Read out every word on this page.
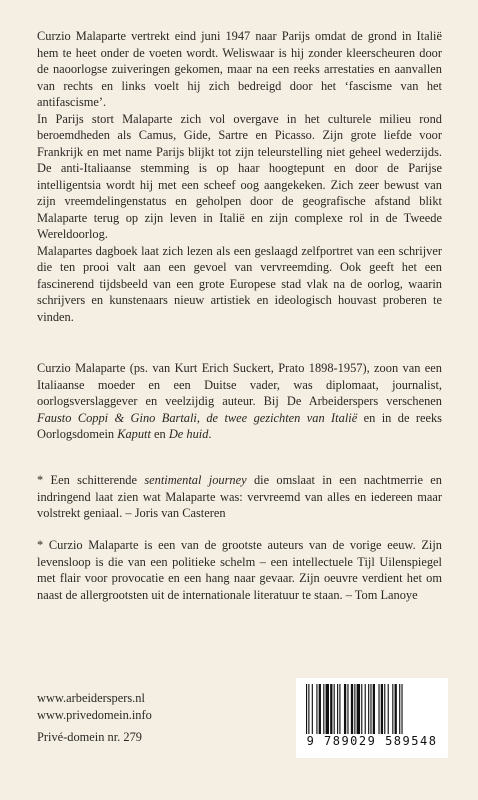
Curzio Malaparte vertrekt eind juni 1947 naar Parijs omdat de grond in Italië hem te heet onder de voeten wordt. Weliswaar is hij zonder kleerscheuren door de naoorlogse zuiveringen gekomen, maar na een reeks arrestaties en aanvallen van rechts en links voelt hij zich bedreigd door het ‘fascisme van het antifascisme’.

In Parijs stort Malaparte zich vol overgave in het culturele milieu rond beroemdheden als Camus, Gide, Sartre en Picasso. Zijn grote liefde voor Frankrijk en met name Parijs blijkt tot zijn teleurstelling niet geheel wederzijds. De anti-Italiaanse stemming is op haar hoogtepunt en door de Parijse intelligentsia wordt hij met een scheef oog aangekeken. Zich zeer bewust van zijn vreemdelingenstatus en geholpen door de geografische afstand blikt Malaparte terug op zijn leven in Italië en zijn complexe rol in de Tweede Wereldoorlog.

Malapartes dagboek laat zich lezen als een geslaagd zelfportret van een schrijver die ten prooi valt aan een gevoel van vervreemding. Ook geeft het een fascinerend tijdsbeeld van een grote Europese stad vlak na de oorlog, waarin schrijvers en kunstenaars nieuw artistiek en ideologisch houvast proberen te vinden.

Curzio Malaparte (ps. van Kurt Erich Suckert, Prato 1898-1957), zoon van een Italiaanse moeder en een Duitse vader, was diplomaat, journalist, oorlogsverslaggever en veelzijdig auteur. Bij De Arbeiderspers verschenen Fausto Coppi & Gino Bartali, de twee gezichten van Italië en in de reeks Oorlogsdomein Kaputt en De huid.

* Een schitterende sentimental journey die omslaat in een nachtmerrie en indringend laat zien wat Malaparte was: vervreemd van alles en iedereen maar volstrekt geniaal. – Joris van Casteren

* Curzio Malaparte is een van de grootste auteurs van de vorige eeuw. Zijn levensloop is die van een politieke schelm – een intellectuele Tijl Uilenspiegel met flair voor provocatie en een hang naar gevaar. Zijn oeuvre verdient het om naast de allergrootsten uit de internationale literatuur te staan. – Tom Lanoye

www.arbeiderspers.nl
www.privedomein.info
Privé-domein nr. 279	9 789029 589548
